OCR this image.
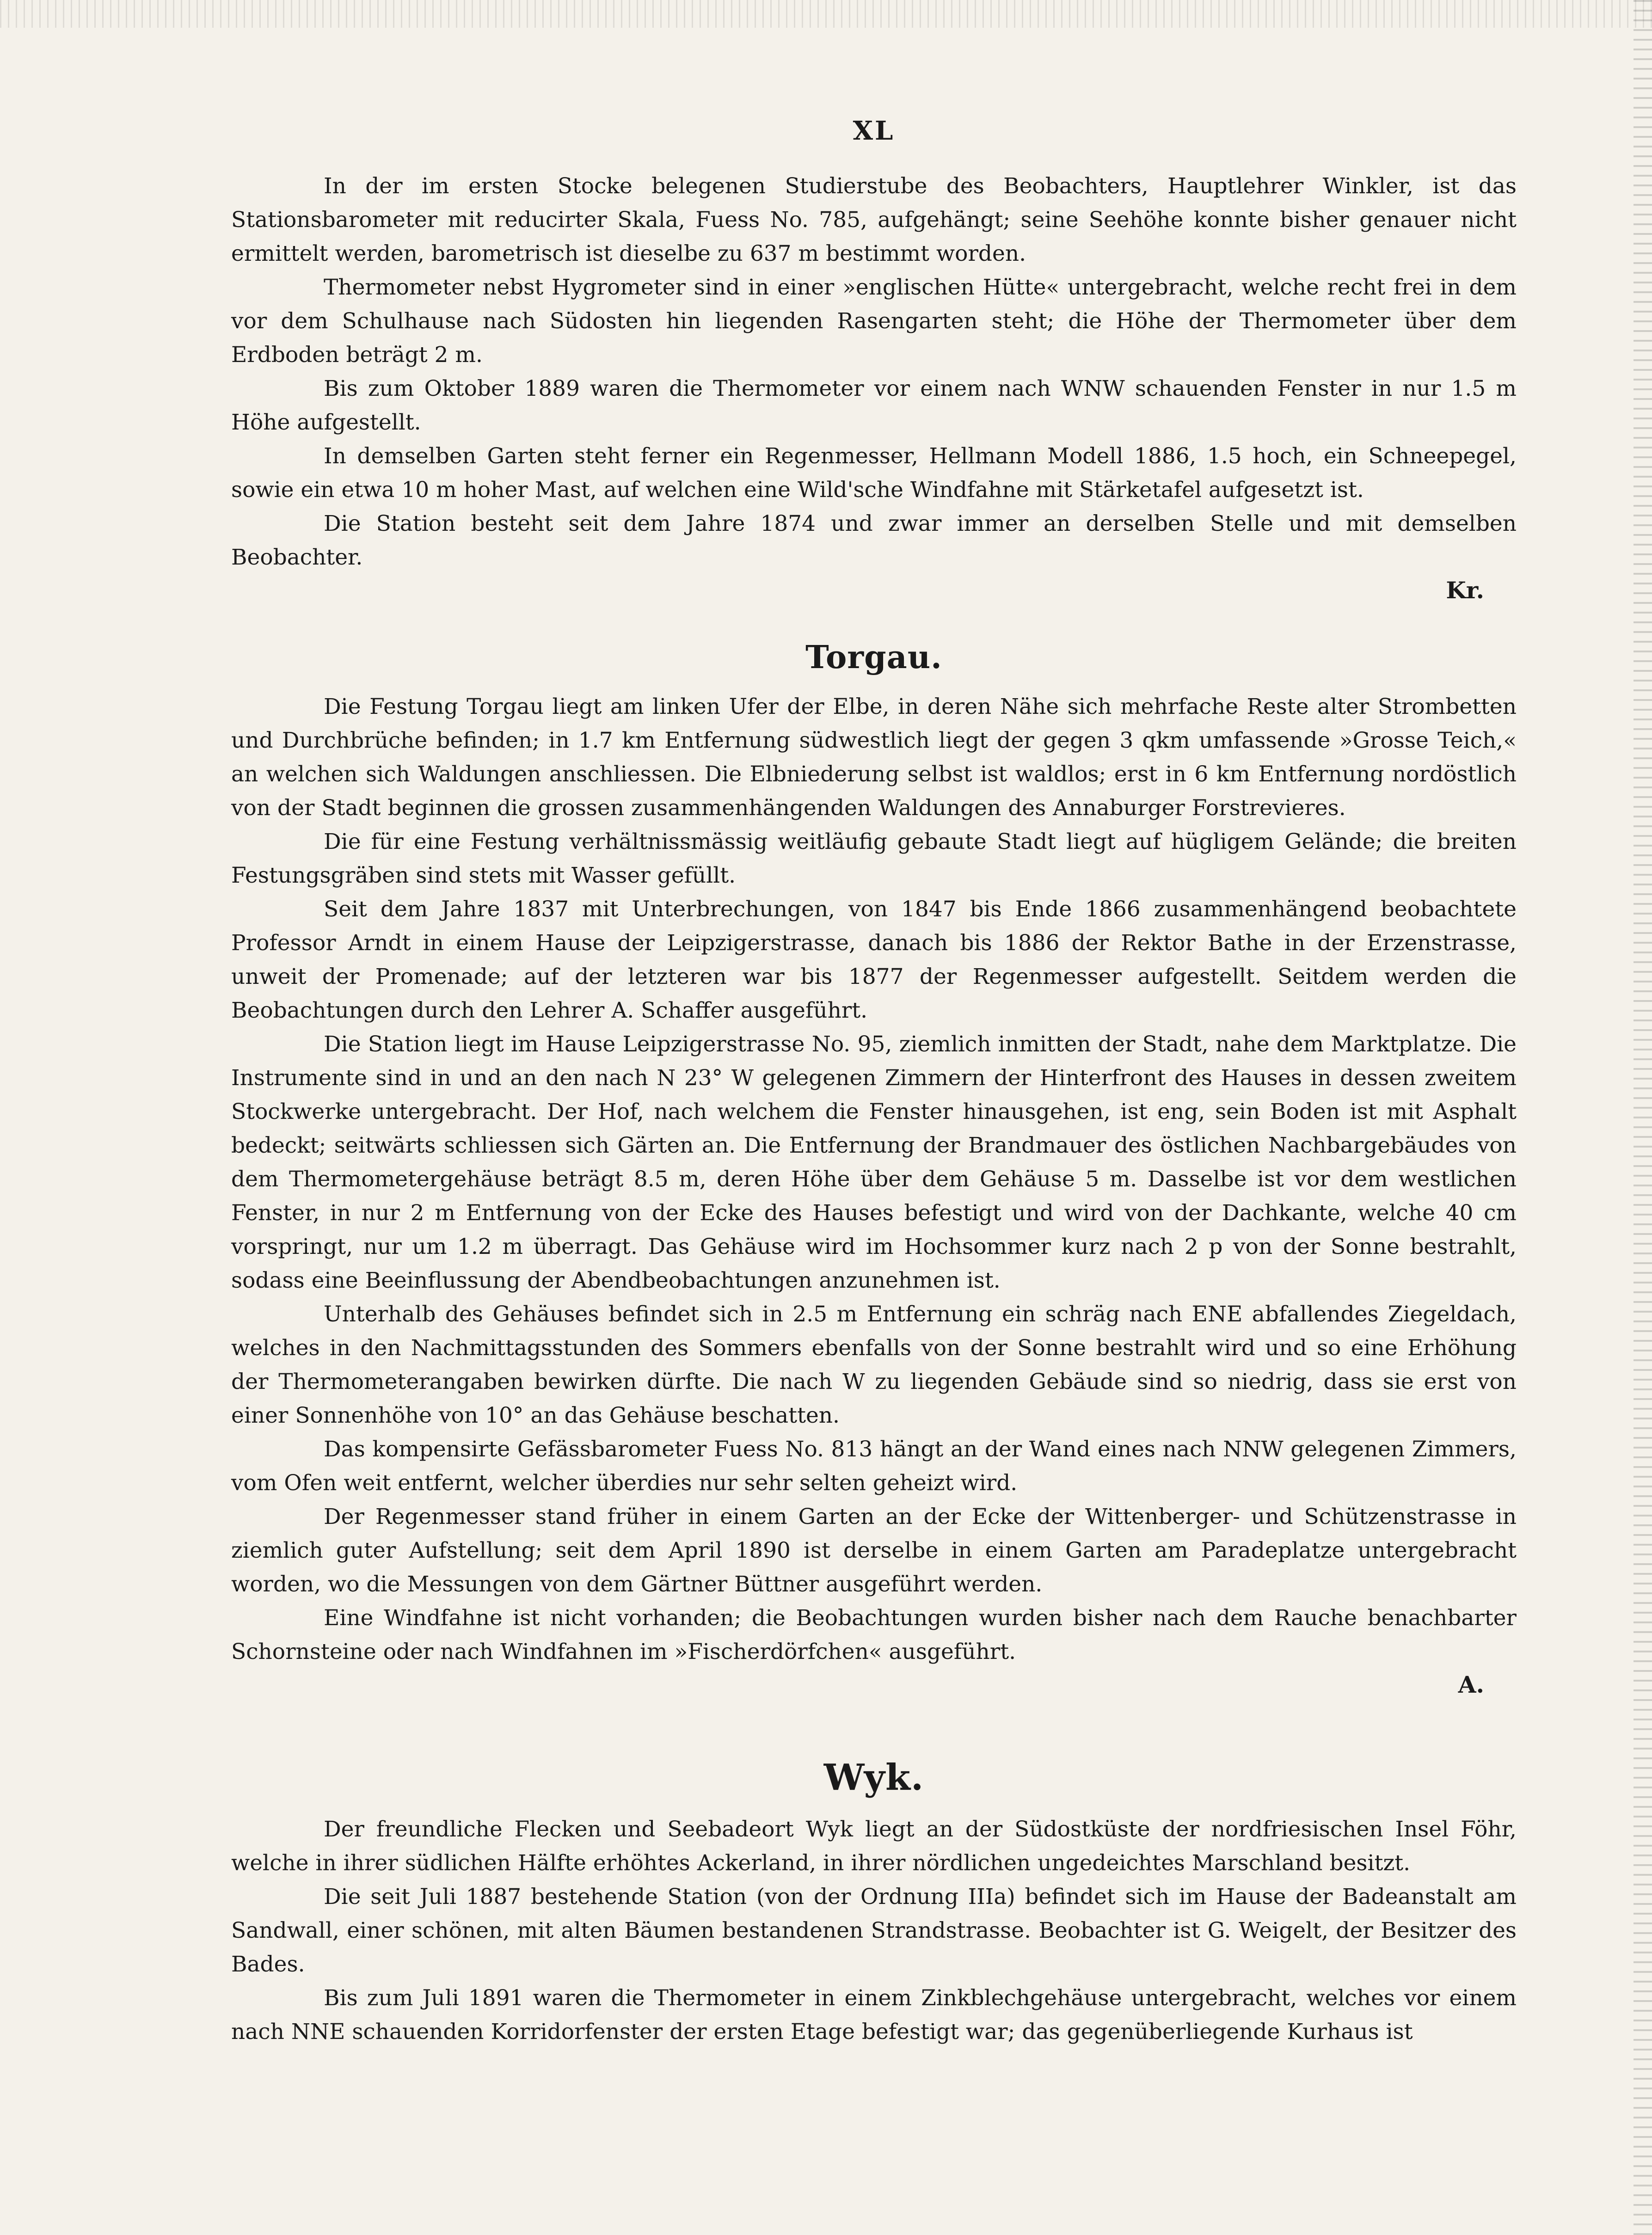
XL

In der im ersten Stocke belegenen Studierstube des Beobachters, Hauptlehrer Winkler, ist das Stationsbarometer mit reducirter Skala, Fuess No. 785, aufgehängt; seine Seehöhe konnte bisher genauer nicht ermittelt werden, barometrisch ist dieselbe zu 637 m bestimmt worden.

Thermometer nebst Hygrometer sind in einer »englischen Hütte« untergebracht, welche recht frei in dem vor dem Schulhause nach Südosten hin liegenden Rasengarten steht; die Höhe der Thermometer über dem Erdboden beträgt 2 m.

Bis zum Oktober 1889 waren die Thermometer vor einem nach WNW schauenden Fenster in nur 1.5 m Höhe aufgestellt.

In demselben Garten steht ferner ein Regenmesser, Hellmann Modell 1886, 1.5 hoch, ein Schneepegel, sowie ein etwa 10 m hoher Mast, auf welchen eine Wild'sche Windfahne mit Stärketafel aufgesetzt ist.

Die Station besteht seit dem Jahre 1874 und zwar immer an derselben Stelle und mit demselben Beobachter.

Kr.
Torgau.

Die Festung Torgau liegt am linken Ufer der Elbe, in deren Nähe sich mehrfache Reste alter Strombetten und Durchbrüche befinden; in 1.7 km Entfernung südwestlich liegt der gegen 3 qkm umfassende »Grosse Teich,« an welchen sich Waldungen anschliessen. Die Elbniederung selbst ist waldlos; erst in 6 km Entfernung nordöstlich von der Stadt beginnen die grossen zusammenhängenden Waldungen des Annaburger Forstrevieres.

Die für eine Festung verhältnissmässig weitläufig gebaute Stadt liegt auf hügligem Gelände; die breiten Festungsgräben sind stets mit Wasser gefüllt.

Seit dem Jahre 1837 mit Unterbrechungen, von 1847 bis Ende 1866 zusammenhängend beobachtete Professor Arndt in einem Hause der Leipzigerstrasse, danach bis 1886 der Rektor Bathe in der Erzenstrasse, unweit der Promenade; auf der letzteren war bis 1877 der Regenmesser aufgestellt. Seitdem werden die Beobachtungen durch den Lehrer A. Schaffer ausgeführt.

Die Station liegt im Hause Leipzigerstrasse No. 95, ziemlich inmitten der Stadt, nahe dem Marktplatze. Die Instrumente sind in und an den nach N 23° W gelegenen Zimmern der Hinterfront des Hauses in dessen zweitem Stockwerke untergebracht. Der Hof, nach welchem die Fenster hinausgehen, ist eng, sein Boden ist mit Asphalt bedeckt; seitwärts schliessen sich Gärten an. Die Entfernung der Brandmauer des östlichen Nachbargebäudes von dem Thermometergehäuse beträgt 8.5 m, deren Höhe über dem Gehäuse 5 m. Dasselbe ist vor dem westlichen Fenster, in nur 2 m Entfernung von der Ecke des Hauses befestigt und wird von der Dachkante, welche 40 cm vorspringt, nur um 1.2 m überragt. Das Gehäuse wird im Hochsommer kurz nach 2 p von der Sonne bestrahlt, sodass eine Beeinflussung der Abendbeobachtungen anzunehmen ist.

Unterhalb des Gehäuses befindet sich in 2.5 m Entfernung ein schräg nach ENE abfallendes Ziegeldach, welches in den Nachmittagsstunden des Sommers ebenfalls von der Sonne bestrahlt wird und so eine Erhöhung der Thermometerangaben bewirken dürfte. Die nach W zu liegenden Gebäude sind so niedrig, dass sie erst von einer Sonnenhöhe von 10° an das Gehäuse beschatten.

Das kompensirte Gefässbarometer Fuess No. 813 hängt an der Wand eines nach NNW gelegenen Zimmers, vom Ofen weit entfernt, welcher überdies nur sehr selten geheizt wird.

Der Regenmesser stand früher in einem Garten an der Ecke der Wittenberger- und Schützenstrasse in ziemlich guter Aufstellung; seit dem April 1890 ist derselbe in einem Garten am Paradeplatze untergebracht worden, wo die Messungen von dem Gärtner Büttner ausgeführt werden.

Eine Windfahne ist nicht vorhanden; die Beobachtungen wurden bisher nach dem Rauche benachbarter Schornsteine oder nach Windfahnen im »Fischerdörfchen« ausgeführt.

A.
Wyk.

Der freundliche Flecken und Seebadeort Wyk liegt an der Südostküste der nordfriesischen Insel Föhr, welche in ihrer südlichen Hälfte erhöhtes Ackerland, in ihrer nördlichen ungedeichtes Marschland besitzt.

Die seit Juli 1887 bestehende Station (von der Ordnung IIIa) befindet sich im Hause der Badeanstalt am Sandwall, einer schönen, mit alten Bäumen bestandenen Strandstrasse. Beobachter ist G. Weigelt, der Besitzer des Bades.

Bis zum Juli 1891 waren die Thermometer in einem Zinkblechgehäuse untergebracht, welches vor einem nach NNE schauenden Korridorfenster der ersten Etage befestigt war; das gegenüberliegende Kurhaus ist
